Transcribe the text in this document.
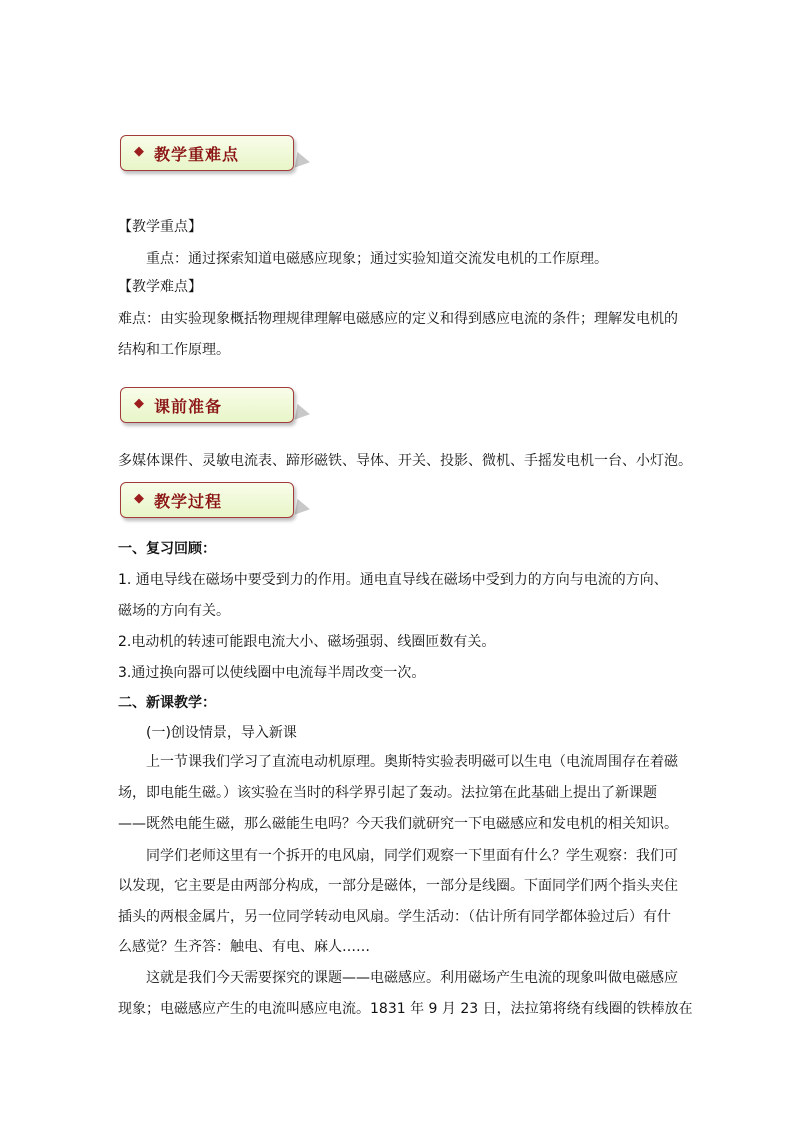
◆ 教学重难点
【教学重点】
重点：通过探索知道电磁感应现象；通过实验知道交流发电机的工作原理。
【教学难点】
难点：由实验现象概括物理规律理解电磁感应的定义和得到感应电流的条件；理解发电机的
结构和工作原理。
◆ 课前准备
多媒体课件、灵敏电流表、蹄形磁铁、导体、开关、投影、微机、手摇发电机一台、小灯泡。
◆ 教学过程
一、复习回顾：
1. 通电导线在磁场中要受到力的作用。通电直导线在磁场中受到力的方向与电流的方向、
磁场的方向有关。
2.电动机的转速可能跟电流大小、磁场强弱、线圈匝数有关。
3.通过换向器可以使线圈中电流每半周改变一次。
二、新课教学：
(一)创设情景，导入新课
上一节课我们学习了直流电动机原理。奥斯特实验表明磁可以生电（电流周围存在着磁
场，即电能生磁。）该实验在当时的科学界引起了轰动。法拉第在此基础上提出了新课题
——既然电能生磁，那么磁能生电吗？今天我们就研究一下电磁感应和发电机的相关知识。
同学们老师这里有一个拆开的电风扇，同学们观察一下里面有什么？学生观察：我们可
以发现，它主要是由两部分构成，一部分是磁体，一部分是线圈。下面同学们两个指头夹住
插头的两根金属片，另一位同学转动电风扇。学生活动：（估计所有同学都体验过后）有什
么感觉？生齐答：触电、有电、麻人……
这就是我们今天需要探究的课题——电磁感应。利用磁场产生电流的现象叫做电磁感应
现象；电磁感应产生的电流叫感应电流。1831 年 9 月 23 日，法拉第将绕有线圈的铁棒放在
